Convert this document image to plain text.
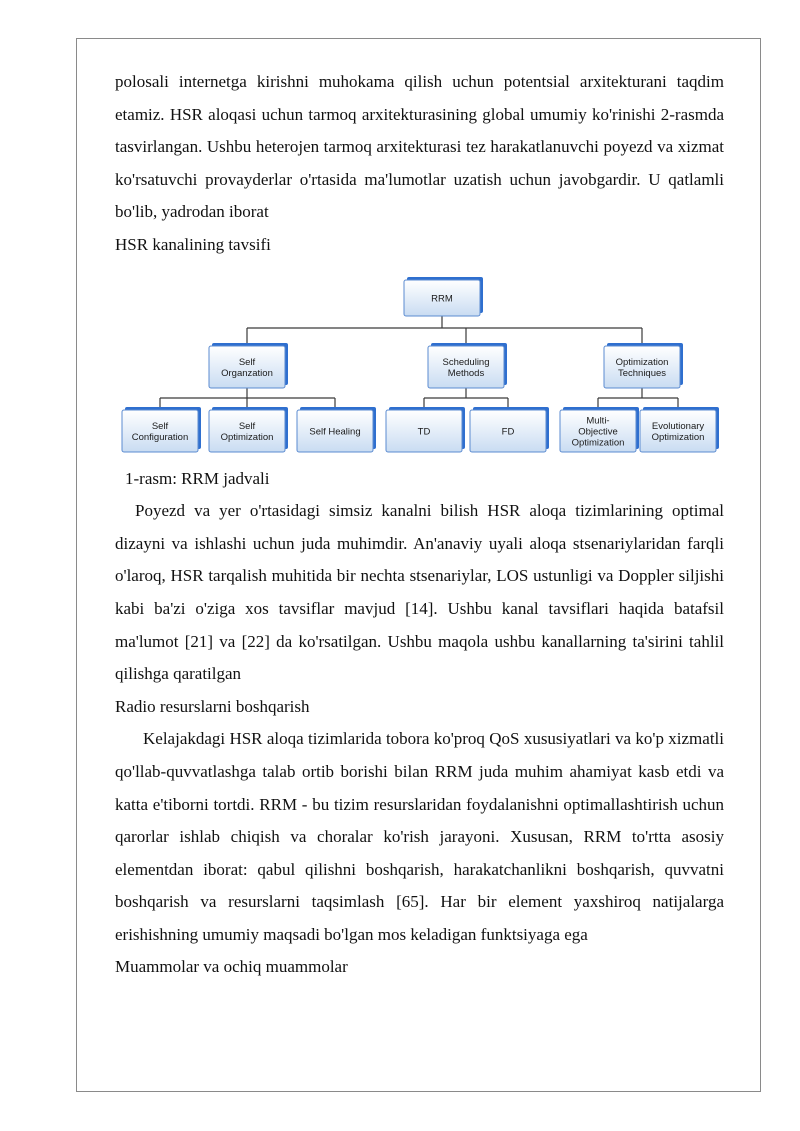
polosali internetga kirishni muhokama qilish uchun potentsial arxitekturani taqdim etamiz. HSR aloqasi uchun tarmoq arxitekturasining global umumiy ko'rinishi 2-rasmda tasvirlangan. Ushbu heterojen tarmoq arxitekturasi tez harakatlanuvchi poyezd va xizmat ko'rsatuvchi provayderlar o'rtasida ma'lumotlar uzatish uchun javobgardir. U qatlamli bo'lib, yadrodan iborat

HSR kanalining tavsifi
RRM
Self
Organzation
Self
Configuration
Self
Optimization	Self Healing
Scheduling
Methods
TD	FD
Optimization
Techniques
Multi-
Objective
Optimization
Evolutionary
Optimization

1-rasm: RRM jadvali

Poyezd va yer o'rtasidagi simsiz kanalni bilish HSR aloqa tizimlarining optimal dizayni va ishlashi uchun juda muhimdir. An'anaviy uyali aloqa stsenariylaridan farqli o'laroq, HSR tarqalish muhitida bir nechta stsenariylar, LOS ustunligi va Doppler siljishi kabi ba'zi o'ziga xos tavsiflar mavjud [14]. Ushbu kanal tavsiflari haqida batafsil ma'lumot [21] va [22] da ko'rsatilgan. Ushbu maqola ushbu kanallarning ta'sirini tahlil qilishga qaratilgan

Radio resurslarni boshqarish

Kelajakdagi HSR aloqa tizimlarida tobora ko'proq QoS xususiyatlari va ko'p xizmatli qo'llab-quvvatlashga talab ortib borishi bilan RRM juda muhim ahamiyat kasb etdi va katta e'tiborni tortdi. RRM - bu tizim resurslaridan foydalanishni optimallashtirish uchun qarorlar ishlab chiqish va choralar ko'rish jarayoni. Xususan, RRM to'rtta asosiy elementdan iborat: qabul qilishni boshqarish, harakatchanlikni boshqarish, quvvatni boshqarish va resurslarni taqsimlash [65]. Har bir element yaxshiroq natijalarga erishishning umumiy maqsadi bo'lgan mos keladigan funktsiyaga ega

Muammolar va ochiq muammolar
